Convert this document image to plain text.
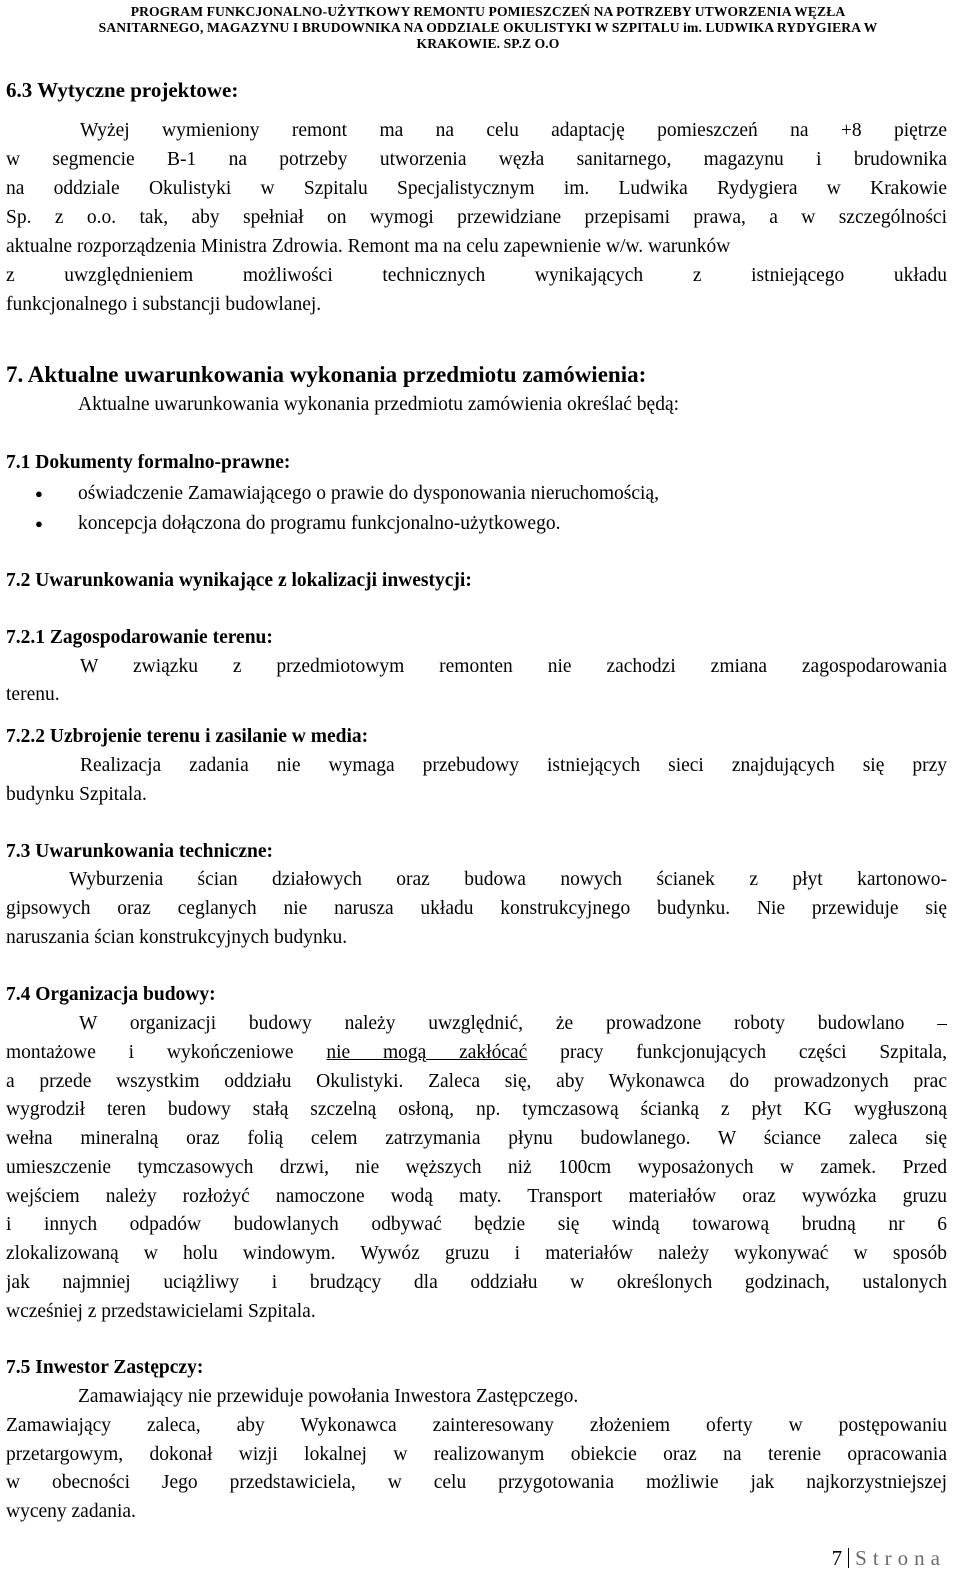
PROGRAM FUNKCJONALNO-UŻYTKOWY REMONTU POMIESZCZEŃ NA POTRZEBY UTWORZENIA WĘZŁA
SANITARNEGO, MAGAZYNU I BRUDOWNIKA NA ODDZIALE OKULISTYKI W SZPITALU im. LUDWIKA RYDYGIERA W
KRAKOWIE. SP.Z O.O
6.3 Wytyczne projektowe:
Wyżej wymieniony remont ma na celu adaptację pomieszczeń na +8 piętrze
w segmencie B-1 na potrzeby utworzenia węzła sanitarnego, magazynu i brudownika
na oddziale Okulistyki w Szpitalu Specjalistycznym im. Ludwika Rydygiera w Krakowie
Sp. z o.o. tak, aby spełniał on wymogi przewidziane przepisami prawa, a w szczególności
aktualne rozporządzenia Ministra Zdrowia. Remont ma na celu zapewnienie w/w. warunków
z uwzględnieniem możliwości technicznych wynikających z istniejącego układu
funkcjonalnego i substancji budowlanej.
7. Aktualne uwarunkowania wykonania przedmiotu zamówienia:
Aktualne uwarunkowania wykonania przedmiotu zamówienia określać będą:
7.1 Dokumenty formalno-prawne:
● oświadczenie Zamawiającego o prawie do dysponowania nieruchomością,
● koncepcja dołączona do programu funkcjonalno-użytkowego.
7.2 Uwarunkowania wynikające z lokalizacji inwestycji:
7.2.1 Zagospodarowanie terenu:
W związku z przedmiotowym remonten nie zachodzi zmiana zagospodarowania
terenu.
7.2.2 Uzbrojenie terenu i zasilanie w media:
Realizacja zadania nie wymaga przebudowy istniejących sieci znajdujących się przy
budynku Szpitala.
7.3 Uwarunkowania techniczne:
Wyburzenia ścian działowych oraz budowa nowych ścianek z płyt kartonowo-
gipsowych oraz ceglanych nie narusza układu konstrukcyjnego budynku. Nie przewiduje się
naruszania ścian konstrukcyjnych budynku.
7.4 Organizacja budowy:
W organizacji budowy należy uwzględnić, że prowadzone roboty budowlano –
montażowe i wykończeniowe nie mogą zakłócać pracy funkcjonujących części Szpitala,
a przede wszystkim oddziału Okulistyki. Zaleca się, aby Wykonawca do prowadzonych prac
wygrodził teren budowy stałą szczelną osłoną, np. tymczasową ścianką z płyt KG wygłuszoną
wełna mineralną oraz folią celem zatrzymania płynu budowlanego. W ściance zaleca się
umieszczenie tymczasowych drzwi, nie węższych niż 100cm wyposażonych w zamek. Przed
wejściem należy rozłożyć namoczone wodą maty. Transport materiałów oraz wywózka gruzu
i innych odpadów budowlanych odbywać będzie się windą towarową brudną nr 6
zlokalizowaną w holu windowym. Wywóz gruzu i materiałów należy wykonywać w sposób
jak najmniej uciążliwy i brudzący dla oddziału w określonych godzinach, ustalonych
wcześniej z przedstawicielami Szpitala.
7.5 Inwestor Zastępczy:
Zamawiający nie przewiduje powołania Inwestora Zastępczego.
Zamawiający zaleca, aby Wykonawca zainteresowany złożeniem oferty w postępowaniu
przetargowym, dokonał wizji lokalnej w realizowanym obiekcie oraz na terenie opracowania
w obecności Jego przedstawiciela, w celu przygotowania możliwie jak najkorzystniejszej
wyceny zadania.
7 Strona
